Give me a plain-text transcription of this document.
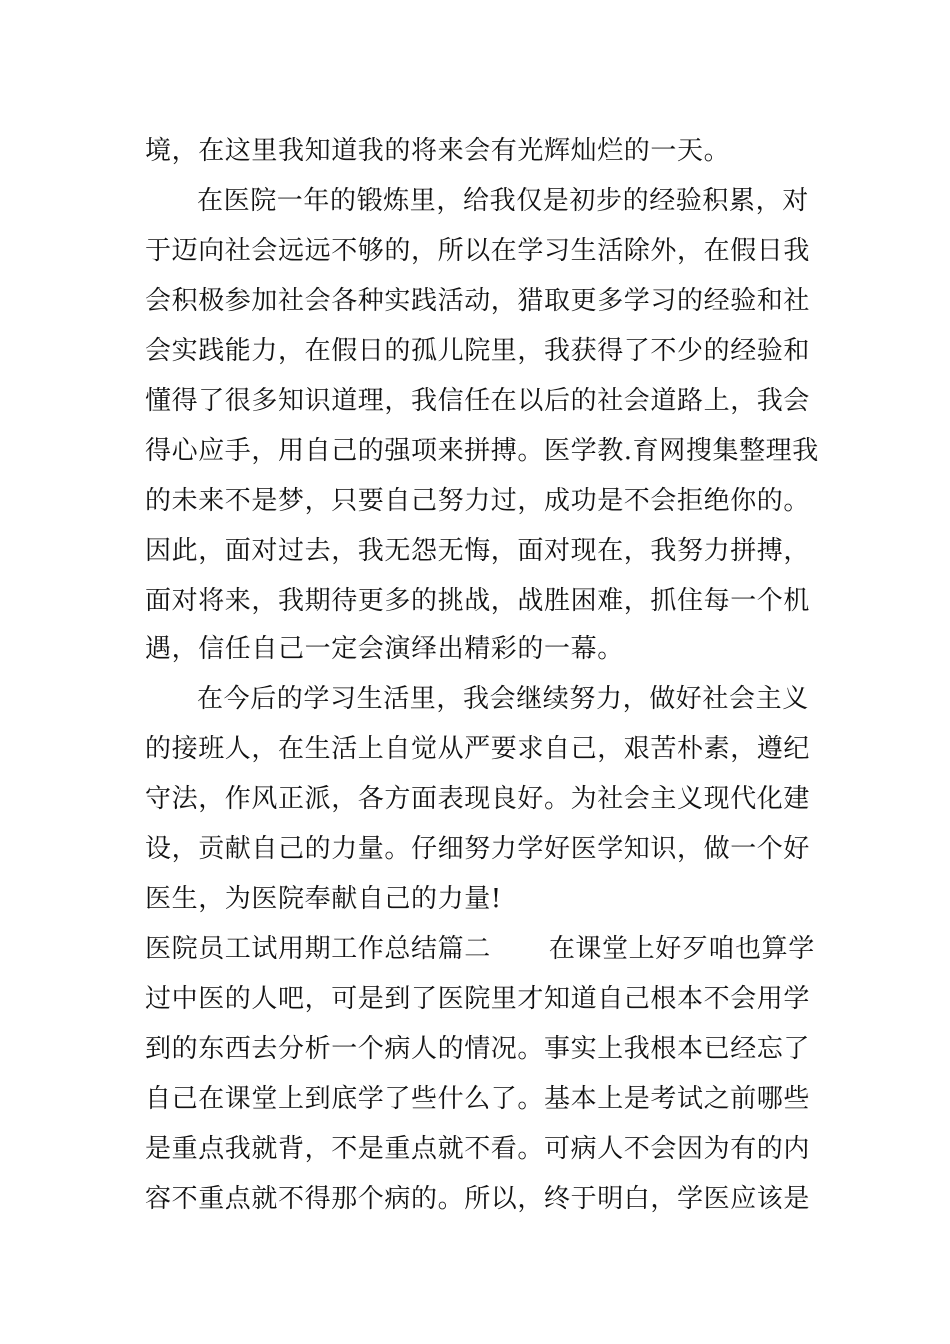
境，在这里我知道我的将来会有光辉灿烂的一天。
在医院一年的锻炼里，给我仅是初步的经验积累，对
于迈向社会远远不够的，所以在学习生活除外，在假日我
会积极参加社会各种实践活动，猎取更多学习的经验和社
会实践能力，在假日的孤儿院里，我获得了不少的经验和
懂得了很多知识道理，我信任在以后的社会道路上，我会
得心应手，用自己的强项来拼搏。医学教.育网搜集整理我
的未来不是梦，只要自己努力过，成功是不会拒绝你的。
因此，面对过去，我无怨无悔，面对现在，我努力拼搏，
面对将来，我期待更多的挑战，战胜困难，抓住每一个机
遇，信任自己一定会演绎出精彩的一幕。
在今后的学习生活里，我会继续努力，做好社会主义
的接班人，在生活上自觉从严要求自己，艰苦朴素，遵纪
守法，作风正派，各方面表现良好。为社会主义现代化建
设，贡献自己的力量。仔细努力学好医学知识，做一个好
医生，为医院奉献自己的力量!
医院员工试用期工作总结篇二 在课堂上好歹咱也算学
过中医的人吧，可是到了医院里才知道自己根本不会用学
到的东西去分析一个病人的情况。事实上我根本已经忘了
自己在课堂上到底学了些什么了。基本上是考试之前哪些
是重点我就背，不是重点就不看。可病人不会因为有的内
容不重点就不得那个病的。所以，终于明白，学医应该是
